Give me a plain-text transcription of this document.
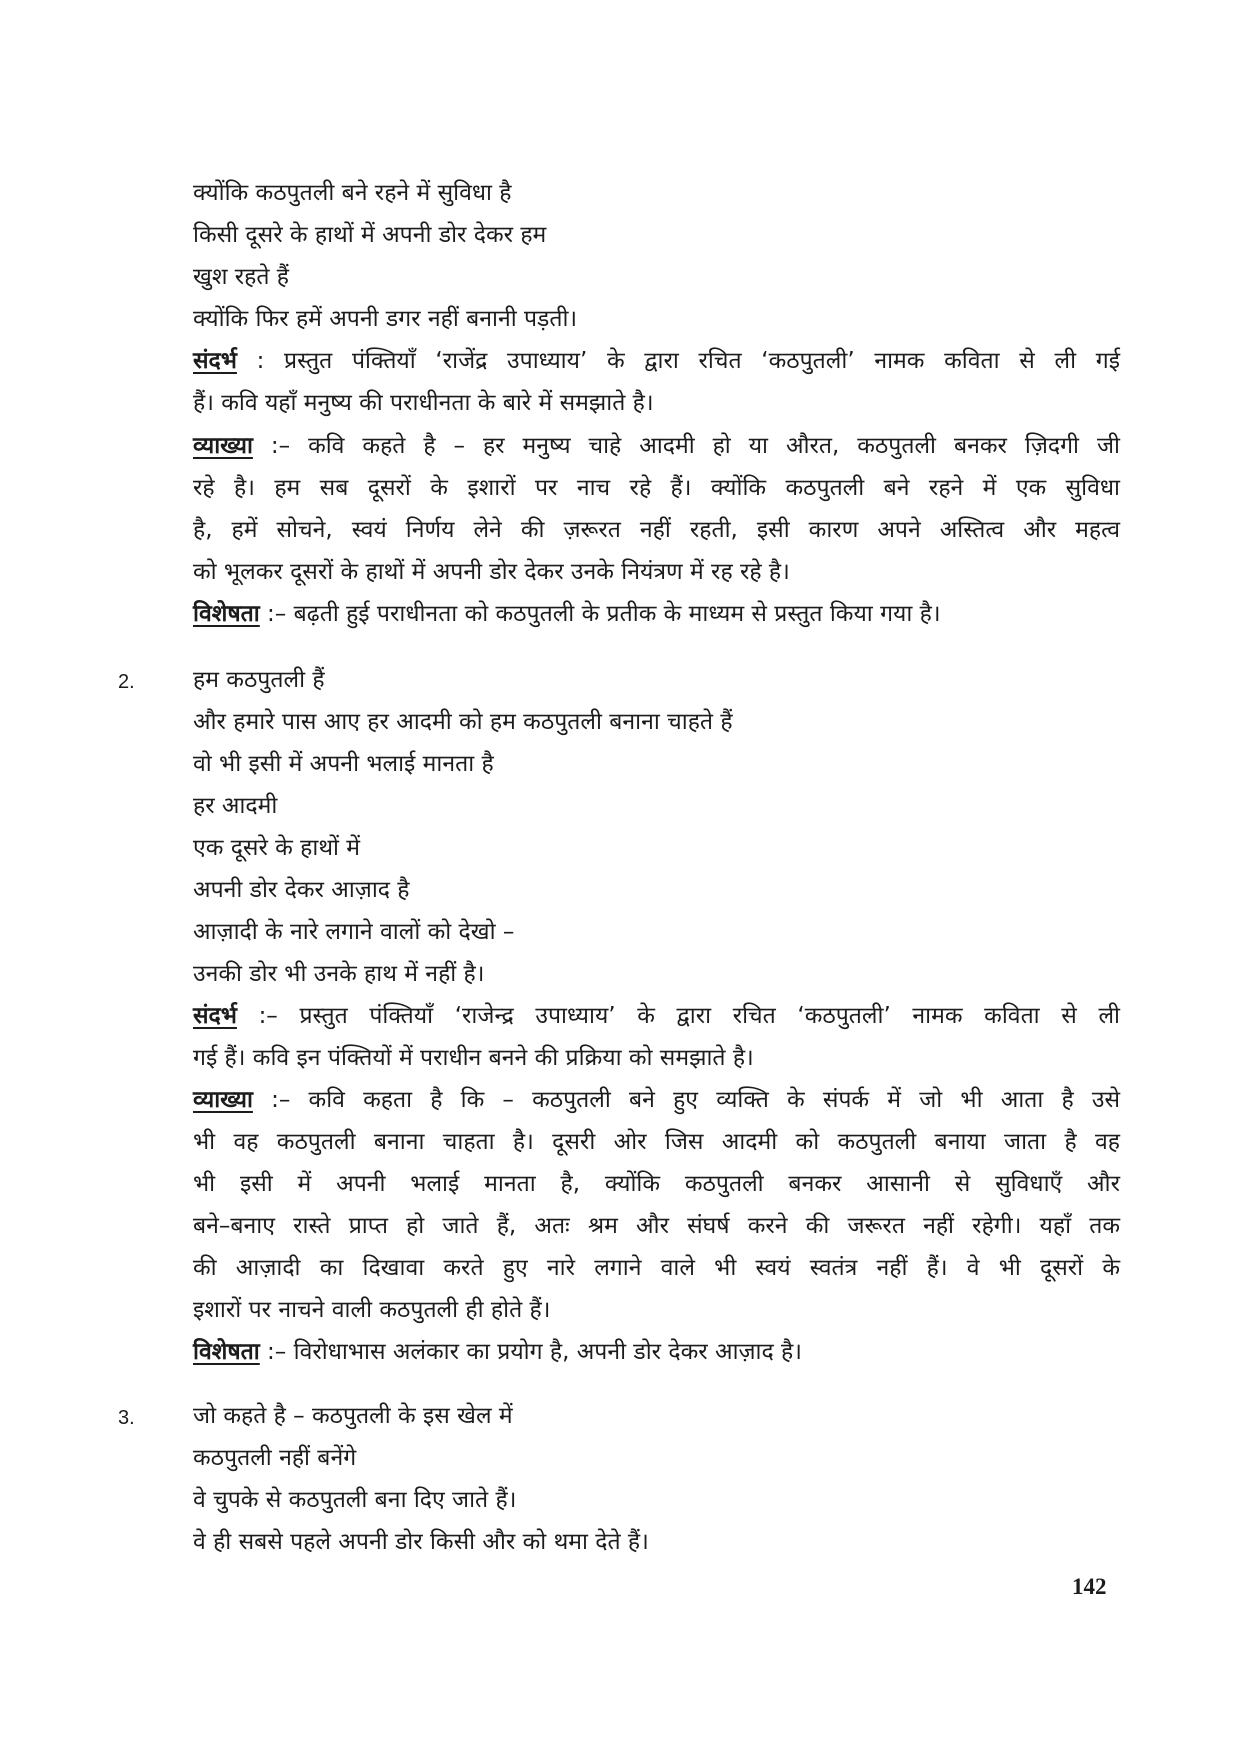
क्योंकि कठपुतली बने रहने में सुविधा है
किसी दूसरे के हाथों में अपनी डोर देकर हम
खुश रहते हैं
क्योंकि फिर हमें अपनी डगर नहीं बनानी पड़ती।
संदर्भ : प्रस्तुत पंक्तियाँ ‘राजेंद्र उपाध्याय’ के द्वारा रचित ‘कठपुतली’ नामक कविता से ली गई
हैं। कवि यहाँ मनुष्य की पराधीनता के बारे में समझाते है।
व्याख्या :– कवि कहते है – हर मनुष्य चाहे आदमी हो या औरत, कठपुतली बनकर ज़िदगी जी
रहे है। हम सब दूसरों के इशारों पर नाच रहे हैं। क्योंकि कठपुतली बने रहने में एक सुविधा
है, हमें सोचने, स्वयं निर्णय लेने की ज़रूरत नहीं रहती, इसी कारण अपने अस्तित्व और महत्व
को भूलकर दूसरों के हाथों में अपनी डोर देकर उनके नियंत्रण में रह रहे है।
विशेषता :– बढ़ती हुई पराधीनता को कठपुतली के प्रतीक के माध्यम से प्रस्तुत किया गया है।
2.	हम कठपुतली हैं
और हमारे पास आए हर आदमी को हम कठपुतली बनाना चाहते हैं
वो भी इसी में अपनी भलाई मानता है
हर आदमी
एक दूसरे के हाथों में
अपनी डोर देकर आज़ाद है
आज़ादी के नारे लगाने वालों को देखो –
उनकी डोर भी उनके हाथ में नहीं है।
संदर्भ :– प्रस्तुत पंक्तियाँ ‘राजेन्द्र उपाध्याय’ के द्वारा रचित ‘कठपुतली’ नामक कविता से ली
गई हैं। कवि इन पंक्तियों में पराधीन बनने की प्रक्रिया को समझाते है।
व्याख्या :– कवि कहता है कि – कठपुतली बने हुए व्यक्ति के संपर्क में जो भी आता है उसे
भी वह कठपुतली बनाना चाहता है। दूसरी ओर जिस आदमी को कठपुतली बनाया जाता है वह
भी इसी में अपनी भलाई मानता है, क्योंकि कठपुतली बनकर आसानी से सुविधाएँ और
बने–बनाए रास्ते प्राप्त हो जाते हैं, अतः श्रम और संघर्ष करने की जरूरत नहीं रहेगी। यहाँ तक
की आज़ादी का दिखावा करते हुए नारे लगाने वाले भी स्वयं स्वतंत्र नहीं हैं। वे भी दूसरों के
इशारों पर नाचने वाली कठपुतली ही होते हैं।
विशेषता :– विरोधाभास अलंकार का प्रयोग है, अपनी डोर देकर आज़ाद है।
3.	जो कहते है – कठपुतली के इस खेल में
कठपुतली नहीं बनेंगे
वे चुपके से कठपुतली बना दिए जाते हैं।
वे ही सबसे पहले अपनी डोर किसी और को थमा देते हैं।
142
